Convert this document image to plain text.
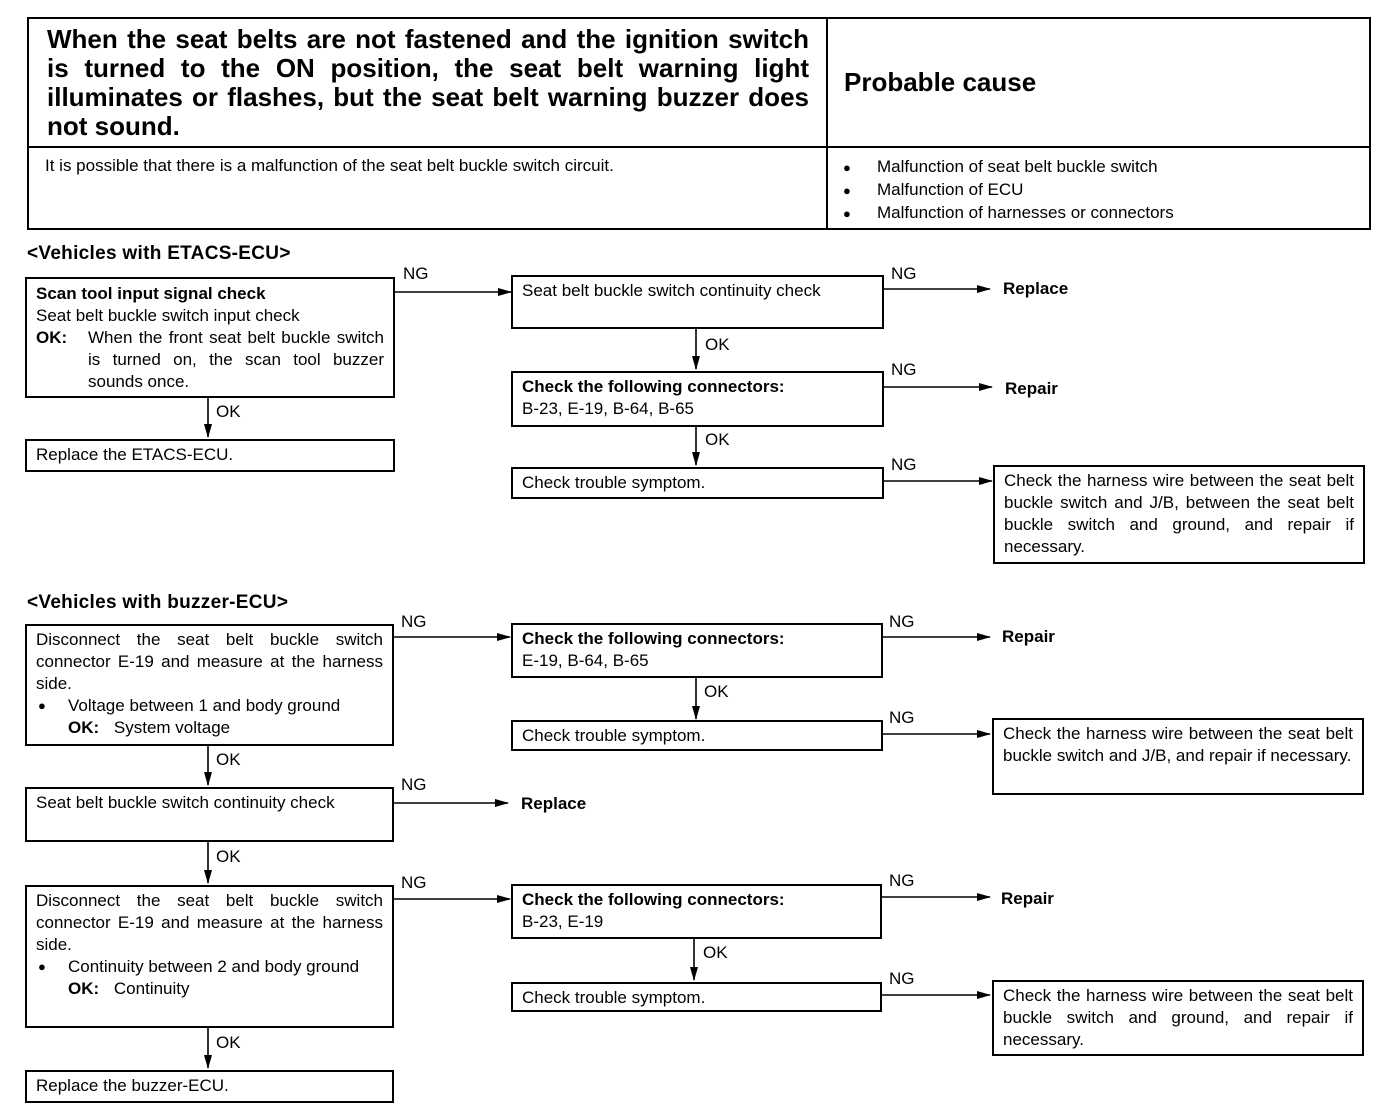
When the seat belts are not fastened and the ignition switch is turned to the ON position, the seat belt warning light illuminates or flashes, but the seat belt warning buzzer does not sound.
Probable cause
It is possible that there is a malfunction of the seat belt buckle switch circuit.
●	Malfunction of seat belt buckle switch
● Malfunction of ECU
● Malfunction of harnesses or connectors
<Vehicles with ETACS-ECU>
Scan tool input signal check
Seat belt buckle switch input check
OK:	When the front seat belt buckle switch is turned on, the scan tool buzzer sounds once.
OK
Replace the ETACS-ECU.
NG
Seat belt buckle switch continuity check
NG
Replace
OK
Check the following connectors:
B-23, E-19, B-64, B-65
NG
Repair
OK
Check trouble symptom.
NG
Check the harness wire between the seat belt buckle switch and J/B, between the seat belt buckle switch and ground, and repair if necessary.
<Vehicles with buzzer-ECU>
Disconnect the seat belt buckle switch connector E-19 and measure at the harness side.
● Voltage between 1 and body ground
OK: System voltage
NG
Check the following connectors:
E-19, B-64, B-65
NG
Repair
OK
Check trouble symptom.
NG
Check the harness wire between the seat belt buckle switch and J/B, and repair if necessary.
OK
Seat belt buckle switch continuity check
NG
Replace
OK
Disconnect the seat belt buckle switch connector E-19 and measure at the harness side.
● Continuity between 2 and body ground
OK: Continuity
NG
Check the following connectors:
B-23, E-19
NG
Repair
OK
Check trouble symptom.
NG
Check the harness wire between the seat belt buckle switch and ground, and repair if necessary.
OK
Replace the buzzer-ECU.
